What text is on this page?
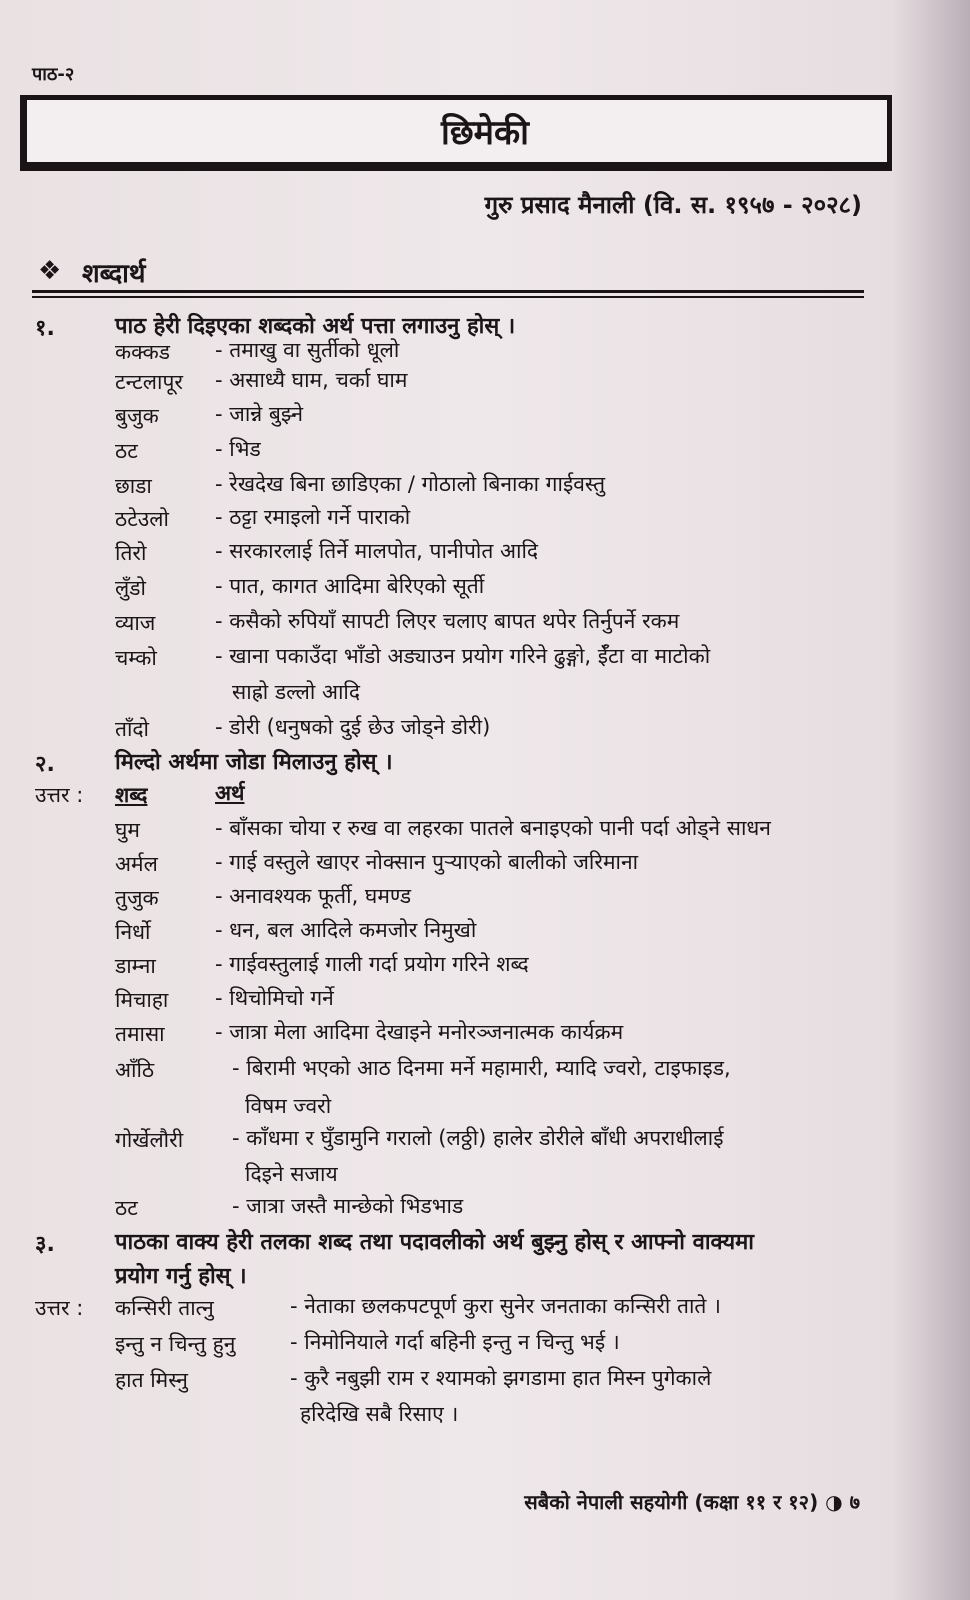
पाठ-२
छिमेकी
गुरु प्रसाद मैनाली (वि. स. १९५७ - २०२८)
❖ शब्दार्थ
१.	पाठ हेरी दिइएका शब्दको अर्थ पत्ता लगाउनु होस् ।
कक्कड - तमाखु वा सुर्तीको धूलो
टन्टलापूर - असाध्यै घाम, चर्का घाम
बुजुक	- जान्ने बुझ्ने
ठट	- भिड
छाडा	- रेखदेख बिना छाडिएका / गोठालो बिनाका गाईवस्तु
ठटेउलो - ठट्टा रमाइलो गर्ने पाराको
तिरो	- सरकारलाई तिर्ने मालपोत, पानीपोत आदि
लुँडो	- पात, कागत आदिमा बेरिएको सूर्ती
व्याज	- कसैको रुपियाँ सापटी लिएर चलाए बापत थपेर तिर्नुपर्ने रकम
चम्को	- खाना पकाउँदा भाँडो अड्याउन प्रयोग गरिने ढुङ्गो, ईँटा वा माटोको
साह्रो डल्लो आदि
ताँदो	- डोरी (धनुषको दुई छेउ जोड्ने डोरी)
२.	मिल्दो अर्थमा जोडा मिलाउनु होस् ।
उत्तर : शब्द	अर्थ
घुम	- बाँसका चोया र रुख वा लहरका पातले बनाइएको पानी पर्दा ओड्ने साधन
अर्मल	- गाई वस्तुले खाएर नोक्सान पुऱ्याएको बालीको जरिमाना
तुजुक	- अनावश्यक फूर्ती, घमण्ड
निर्धो	- धन, बल आदिले कमजोर निमुखो
डाम्ना	- गाईवस्तुलाई गाली गर्दा प्रयोग गरिने शब्द
मिचाहा - थिचोमिचो गर्ने
तमासा - जात्रा मेला आदिमा देखाइने मनोरञ्जनात्मक कार्यक्रम
आँठि	- बिरामी भएको आठ दिनमा मर्ने महामारी, म्यादि ज्वरो, टाइफाइड,
विषम ज्वरो
गोर्खेलौरी - काँधमा र घुँडामुनि गरालो (लठ्ठी) हालेर डोरीले बाँधी अपराधीलाई
दिइने सजाय
ठट	- जात्रा जस्तै मान्छेको भिडभाड
३.	पाठका वाक्य हेरी तलका शब्द तथा पदावलीको अर्थ बुझ्नु होस् र आफ्नो वाक्यमा
प्रयोग गर्नु होस् ।
उत्तर : कन्सिरी तात्नु	- नेताका छलकपटपूर्ण कुरा सुनेर जनताका कन्सिरी ताते ।
इन्तु न चिन्तु हुनु	- निमोनियाले गर्दा बहिनी इन्तु न चिन्तु भई ।
हात मिस्नु	- कुरै नबुझी राम र श्यामको झगडामा हात मिस्न पुगेकाले
हरिदेखि सबै रिसाए ।
सबैको नेपाली सहयोगी (कक्षा ११ र १२) ◑ ७
